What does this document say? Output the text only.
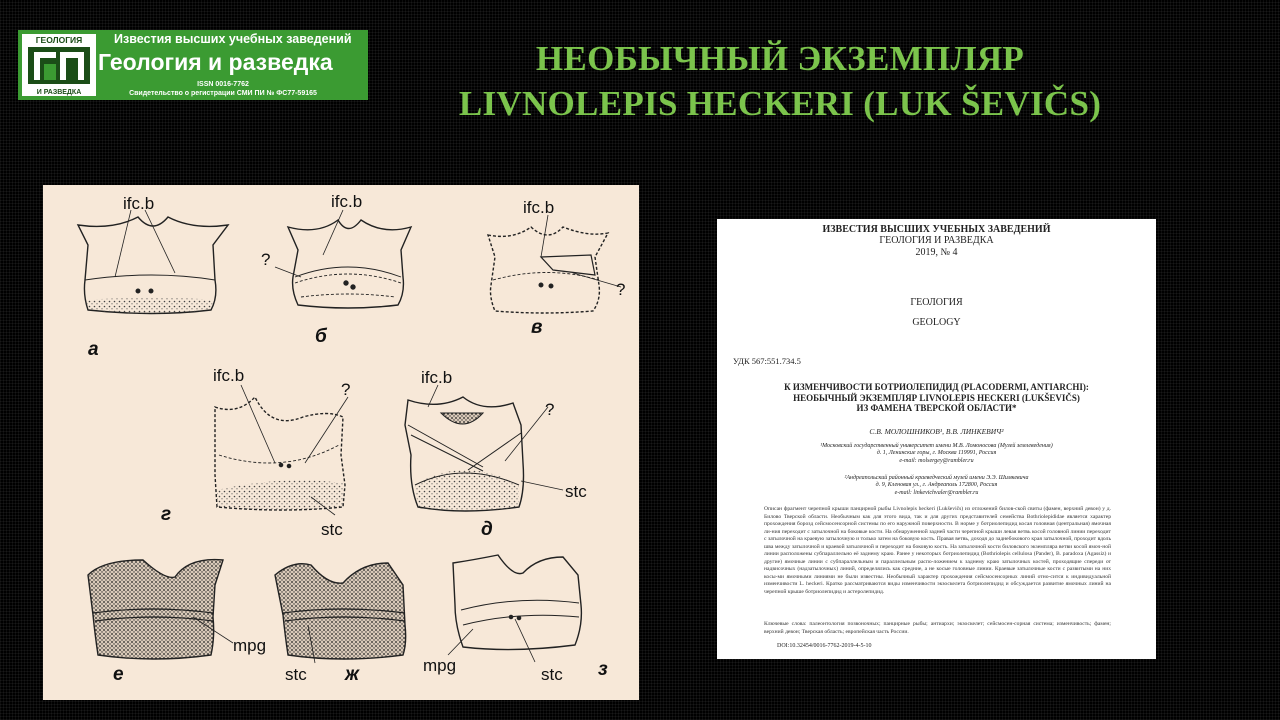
ГЕОЛОГИЯ
И РАЗВЕДКА
Известия высших учебных заведений
Геология и разведка
ISSN 0016-7762
Свидетельство о регистрации СМИ ПИ № ФС77-59165
НЕОБЫЧНЫЙ ЭКЗЕМПЛЯР
LIVNOLEPIS HECKERI (LUK ŠEVIČS)
ifc.b	ifc.b	ifc.b
?
?
ifc.b
?
stc
ifc.b
?
stc
mpg
stc	mpg	stc
а
б	в
г
д
е	ж	з
ИЗВЕСТИЯ ВЫСШИХ УЧЕБНЫХ ЗАВЕДЕНИЙ
ГЕОЛОГИЯ И РАЗВЕДКА
2019, № 4
ГЕОЛОГИЯ
GEOLOGY
УДК 567:551.734.5
К ИЗМЕНЧИВОСТИ БОТРИОЛЕПИДИД (PLACODERMI, ANTIARCHI):
НЕОБЫЧНЫЙ ЭКЗЕМПЛЯР LIVNOLEPIS HECKERI (LUKŠEVIČS)
ИЗ ФАМЕНА ТВЕРСКОЙ ОБЛАСТИ*
С.В. МОЛОШНИКОВ¹, В.В. ЛИНКЕВИЧ²
¹Московский государственный университет имени М.В. Ломоносова (Музей землеведения)
д. 1, Ленинские горы, г. Москва 119991, Россия
e-mail: molsergey@rambler.ru
²Андреапольский районный краеведческий музей имени Э.Э. Шимкевича
д. 9, Кленовая ул., г. Андреаполь 172800, Россия
e-mail: linkevichvaler@rambler.ru
Описан фрагмент черепной крыши панцирной рыбы Livnolepis heckeri (Lukševičs) из отложений билов-ской свиты (фамен, верхний девон) у д. Билово Тверской области. Необычным как для этого вида, так и для других представителей семейства Bothriolepididae является характер прохождения борозд сейсмосенсорной системы по его наружной поверхности. В норме у ботриолепидид косая головная (центральная) ямочная ли-ния переходит с затылочной на боковые кости. На обнаруженной задней части черепной крыши левая ветвь косой головной линии переходит с затылочной на краевую затылочную и только затем на боковую кость. Правая ветвь, доходя до заднебокового края затылочной, проходит вдоль шва между затылочной и краевой затылочной и переходит на боковую кость. На затылочной кости биловского экземпляра ветви косой ямоч-ной линии расположены субпараллельно её заднему краю. Ранее у некоторых ботриолепидид (Bothriolepis cellulosa (Pander), B. paradoxa (Agassiz) и другие) ямочные линии с субпараллельным и параллельным распо-ложением к заднему краю затылочных костей, проходящие спереди от надвисочных (надзатылочных) линий, определялись как средние, а не косые головные линии. Краевые затылочные кости с развитыми на них косы-ми ямочными линиями не были известны. Необычный характер прохождения сейсмосенсорных линий отно-сится к индивидуальной изменчивости L. heckeri. Кратко рассматриваются виды изменчивости экзоскелета ботриолепидид и обсуждается развитие ямочных линий на черепной крыше ботриолепидид и астеролепидид.
Ключевые слова: палеонтология позвоночных; панцирные рыбы; антиархи; экзоскелет; сейсмосен-сорная система; изменчивость; фамен; верхний девон; Тверская область; европейская часть России.
DOI:10.32454/0016-7762-2019-4-5-10
